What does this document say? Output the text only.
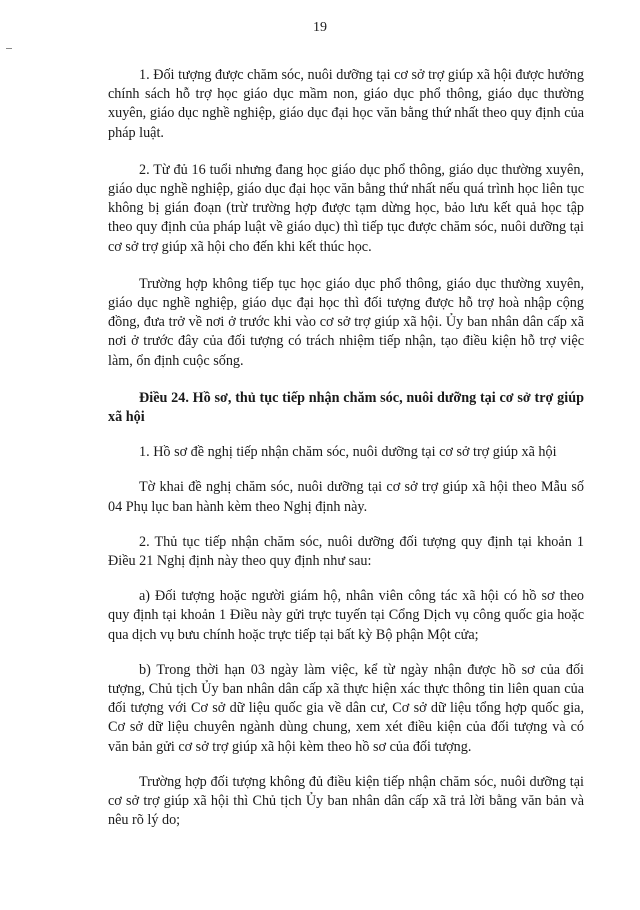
19

1. Đối tượng được chăm sóc, nuôi dưỡng tại cơ sở trợ giúp xã hội được hưởng chính sách hỗ trợ học giáo dục mầm non, giáo dục phổ thông, giáo dục thường xuyên, giáo dục nghề nghiệp, giáo dục đại học văn bằng thứ nhất theo quy định của pháp luật.

2. Từ đủ 16 tuổi nhưng đang học giáo dục phổ thông, giáo dục thường xuyên, giáo dục nghề nghiệp, giáo dục đại học văn bằng thứ nhất nếu quá trình học liên tục không bị gián đoạn (trừ trường hợp được tạm dừng học, bảo lưu kết quả học tập theo quy định của pháp luật về giáo dục) thì tiếp tục được chăm sóc, nuôi dưỡng tại cơ sở trợ giúp xã hội cho đến khi kết thúc học.

Trường hợp không tiếp tục học giáo dục phổ thông, giáo dục thường xuyên, giáo dục nghề nghiệp, giáo dục đại học thì đối tượng được hỗ trợ hoà nhập cộng đồng, đưa trở về nơi ở trước khi vào cơ sở trợ giúp xã hội. Ủy ban nhân dân cấp xã nơi ở trước đây của đối tượng có trách nhiệm tiếp nhận, tạo điều kiện hỗ trợ việc làm, ổn định cuộc sống.

Điều 24. Hồ sơ, thủ tục tiếp nhận chăm sóc, nuôi dưỡng tại cơ sở trợ giúp xã hội

1. Hồ sơ đề nghị tiếp nhận chăm sóc, nuôi dưỡng tại cơ sở trợ giúp xã hội

Tờ khai đề nghị chăm sóc, nuôi dưỡng tại cơ sở trợ giúp xã hội theo Mẫu số 04 Phụ lục ban hành kèm theo Nghị định này.

2. Thủ tục tiếp nhận chăm sóc, nuôi dưỡng đối tượng quy định tại khoản 1 Điều 21 Nghị định này theo quy định như sau:

a) Đối tượng hoặc người giám hộ, nhân viên công tác xã hội có hồ sơ theo quy định tại khoản 1 Điều này gửi trực tuyến tại Cổng Dịch vụ công quốc gia hoặc qua dịch vụ bưu chính hoặc trực tiếp tại bất kỳ Bộ phận Một cửa;

b) Trong thời hạn 03 ngày làm việc, kể từ ngày nhận được hồ sơ của đối tượng, Chủ tịch Ủy ban nhân dân cấp xã thực hiện xác thực thông tin liên quan của đối tượng với Cơ sở dữ liệu quốc gia về dân cư, Cơ sở dữ liệu tổng hợp quốc gia, Cơ sở dữ liệu chuyên ngành dùng chung, xem xét điều kiện của đối tượng và có văn bản gửi cơ sở trợ giúp xã hội kèm theo hồ sơ của đối tượng.

Trường hợp đối tượng không đủ điều kiện tiếp nhận chăm sóc, nuôi dưỡng tại cơ sở trợ giúp xã hội thì Chủ tịch Ủy ban nhân dân cấp xã trả lời bằng văn bản và nêu rõ lý do;
